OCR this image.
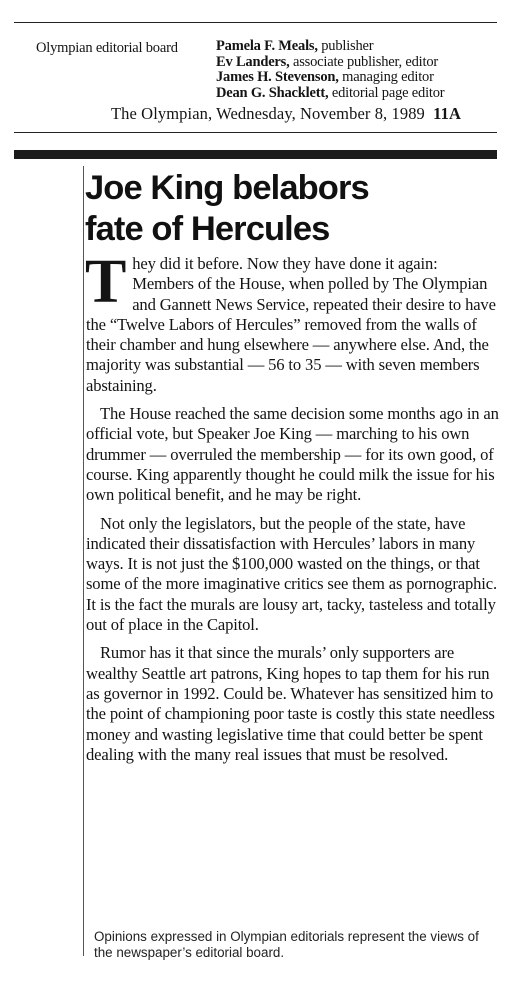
Olympian editorial board	Pamela F. Meals, publisher
Ev Landers, associate publisher, editor
James H. Stevenson, managing editor
Dean G. Shacklett, editorial page editor
The Olympian, Wednesday, November 8, 1989 11A
Joe King belabors
fate of Hercules

They did it before. Now they have done it again: Members of the House, when polled by The Olympian and Gannett News Service, repeated their desire to have the “Twelve Labors of Hercules” removed from the walls of their chamber and hung elsewhere — anywhere else. And, the majority was substantial — 56 to 35 — with seven members abstaining.

The House reached the same decision some months ago in an official vote, but Speaker Joe King — marching to his own drummer — overruled the membership — for its own good, of course. King apparently thought he could milk the issue for his own political benefit, and he may be right.

Not only the legislators, but the people of the state, have indicated their dissatisfaction with Hercules’ labors in many ways. It is not just the $100,000 wasted on the things, or that some of the more imaginative critics see them as pornographic. It is the fact the murals are lousy art, tacky, tasteless and totally out of place in the Capitol.

Rumor has it that since the murals’ only supporters are wealthy Seattle art patrons, King hopes to tap them for his run as governor in 1992. Could be. Whatever has sensitized him to the point of championing poor taste is costly this state needless money and wasting legislative time that could better be spent dealing with the many real issues that must be resolved.

Opinions expressed in Olympian editorials represent the views of the newspaper’s editorial board.
